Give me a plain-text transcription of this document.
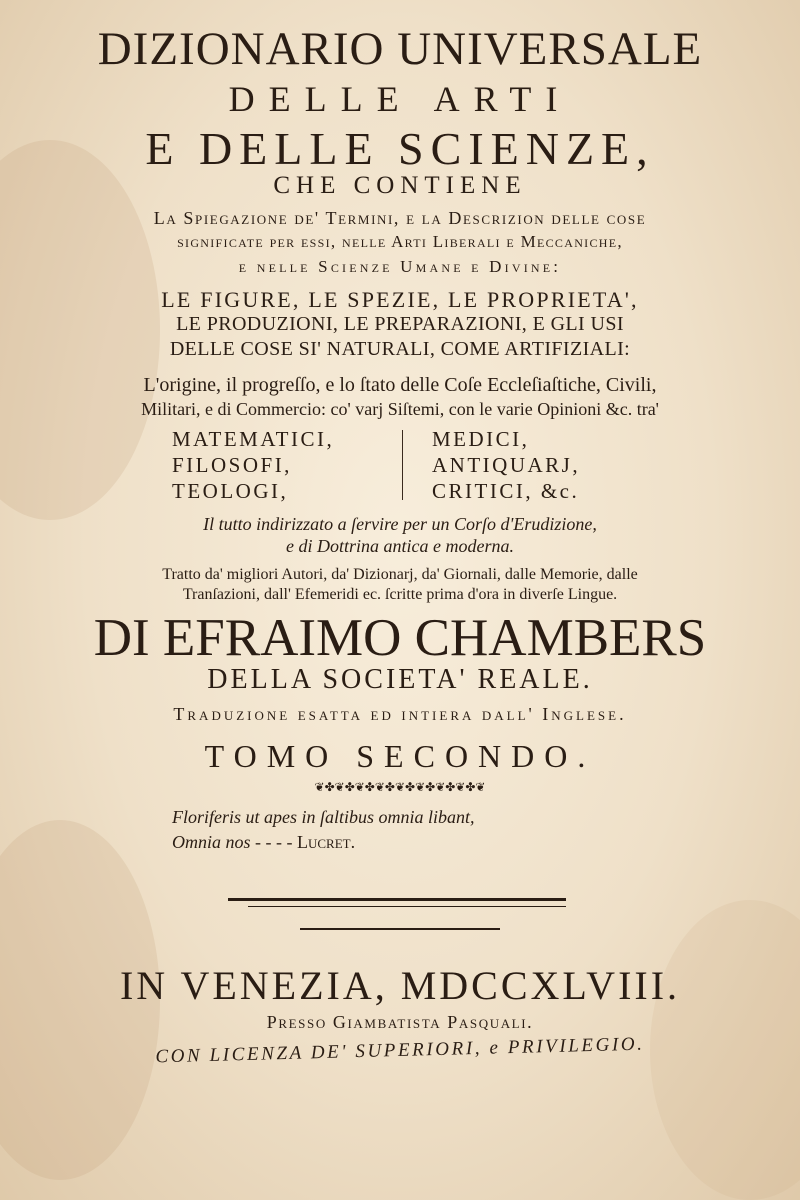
DIZIONARIO UNIVERSALE
DELLE ARTI
E DELLE SCIENZE,
CHE CONTIENE
La Spiegazione de' Termini, e la Descrizion delle cose
significate per essi, nelle Arti Liberali e Meccaniche,
e nelle Scienze Umane e Divine:
LE FIGURE, LE SPEZIE, LE PROPRIETA',
LE PRODUZIONI, LE PREPARAZIONI, E GLI USI
DELLE COSE SI' NATURALI, COME ARTIFIZIALI:
L'origine, il progreſſo, e lo ſtato delle Coſe Eccleſiaſtiche, Civili,
Militari, e di Commercio: co' varj Siſtemi, con le varie Opinioni &c. tra'
MATEMATICI,
FILOSOFI,
TEOLOGI,
MEDICI,
ANTIQUARJ,
CRITICI, &c.
Il tutto indirizzato a ſervire per un Corſo d'Erudizione,
e di Dottrina antica e moderna.
Tratto da' migliori Autori, da' Dizionarj, da' Giornali, dalle Memorie, dalle
Tranſazioni, dall' Efemeridi ec. ſcritte prima d'ora in diverſe Lingue.
DI EFRAIMO CHAMBERS
DELLA SOCIETA' REALE.
Traduzione esatta ed intiera dall' Inglese.
TOMO SECONDO.
❦✤❦✤❦✤❦✤❦✤❦✤❦✤❦✤❦
Floriferis ut apes in ſaltibus omnia libant,
Omnia nos - - - - Lucret.
IN VENEZIA, MDCCXLVIII.
Preſso Giambatista Pasquali.
CON LICENZA DE' SUPERIORI, e PRIVILEGIO.
